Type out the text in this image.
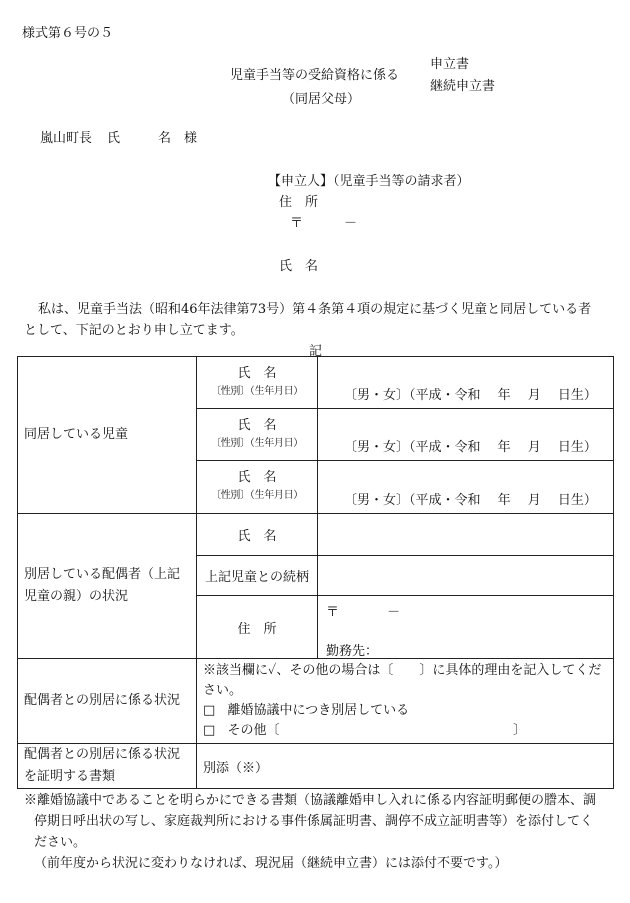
様式第６号の５
児童手当等の受給資格に係る
（同居父母）
申立書
継続申立書
嵐山町長 氏	名 様
【申立人】（児童手当等の請求者）
住　所
〒	－
氏　名
私は、児童手当法（昭和46年法律第73号）第４条第４項の規定に基づく児童と同居している者
として、下記のとおり申し立てます。
記
同居している児童	氏　名
〔性別〕（生年月日）	〔男・女〕（平成・令和　 年　 月　 日生）

	氏　名
〔性別〕（生年月日）	〔男・女〕（平成・令和　 年　 月　 日生）

	氏　名
〔性別〕（生年月日）	〔男・女〕（平成・令和　 年　 月　 日生）

別居している配偶者（上記
児童の親）の状況	氏　名	
	上記児童との続柄	
	住　所	〒 －
勤務先：

配偶者との別居に係る状況	※該当欄に✓、その他の場合は〔　　〕に具体的理由を記入してくだ
さい。
□ 離婚協議中につき別居している
□ その他〔 〕	

配偶者との別居に係る状況
を証明する書類	別添（※）	
※離婚協議中であることを明らかにできる書類（協議離婚申し入れに係る内容証明郵便の謄本、調
停期日呼出状の写し、家庭裁判所における事件係属証明書、調停不成立証明書等）を添付してく
ださい。
（前年度から状況に変わりなければ、現況届（継続申立書）には添付不要です。）
